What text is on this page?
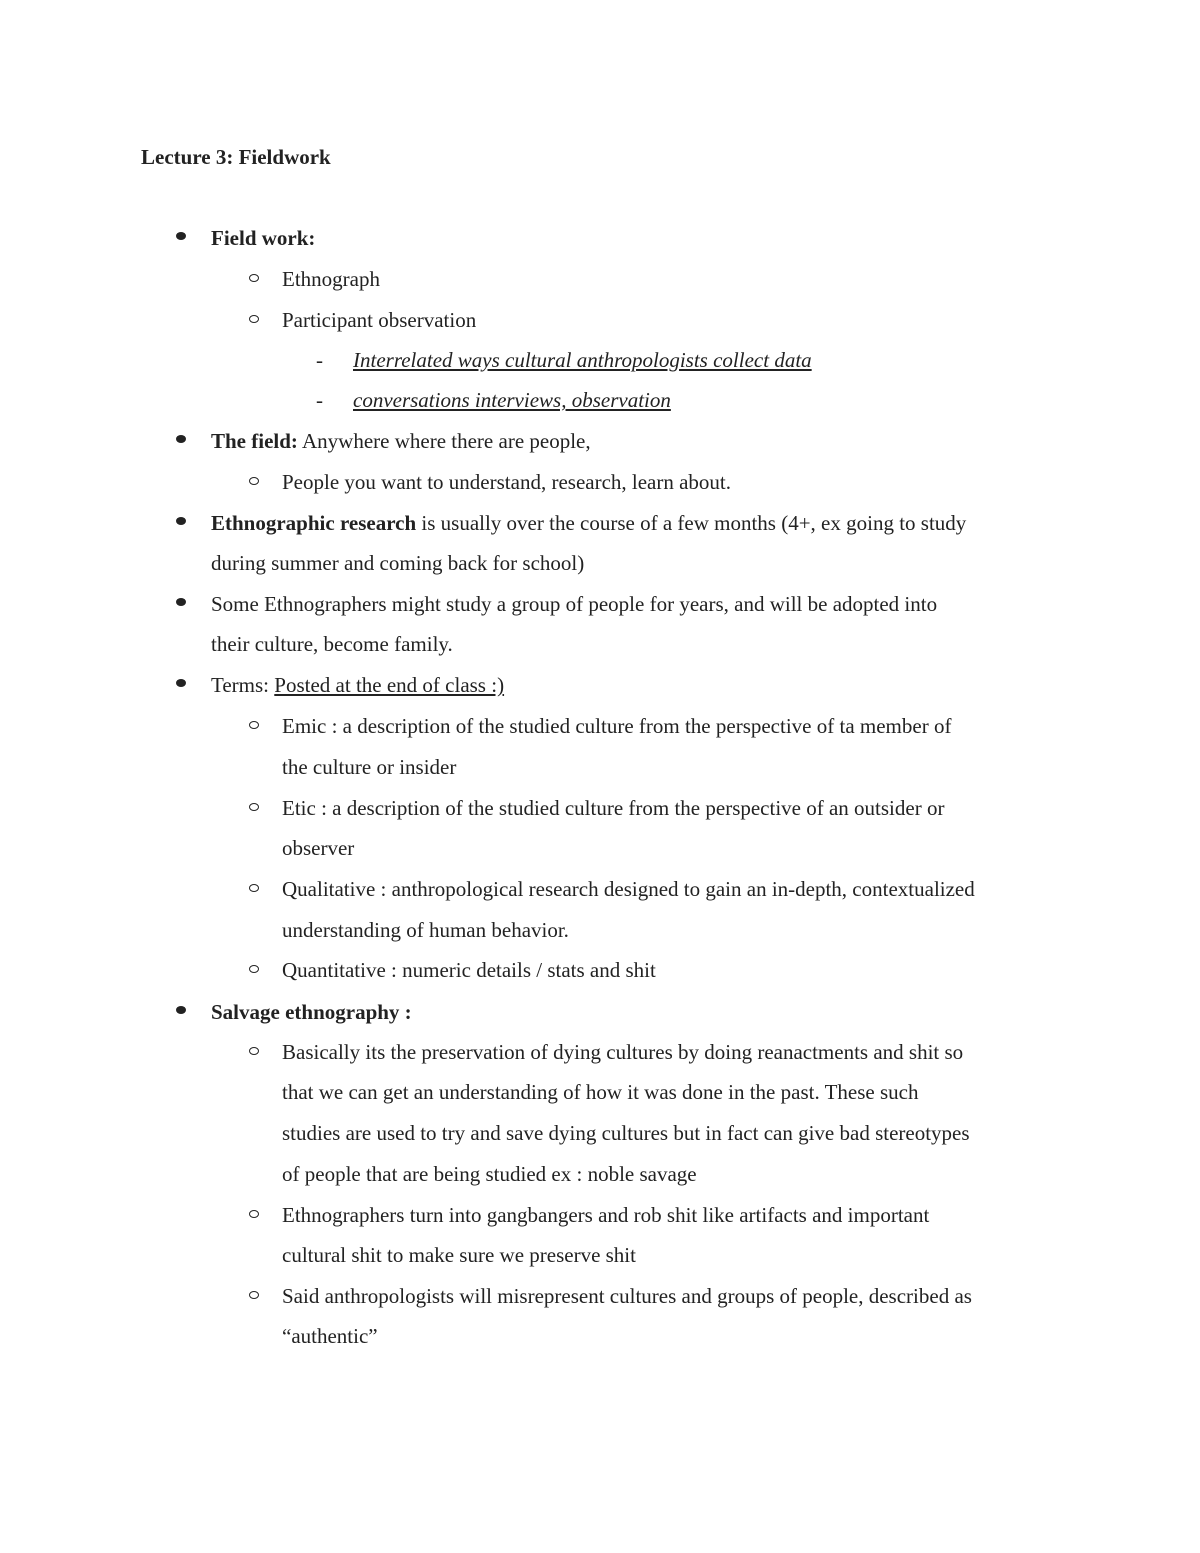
Lecture 3: Fieldwork
Field work:
Ethnograph
Participant observation
- Interrelated ways cultural anthropologists collect data
- conversations interviews, observation
The field: Anywhere where there are people,
People you want to understand, research, learn about.
Ethnographic research is usually over the course of a few months (4+, ex going to study
during summer and coming back for school)
Some Ethnographers might study a group of people for years, and will be adopted into
their culture, become family.
Terms: Posted at the end of class :)
Emic : a description of the studied culture from the perspective of ta member of
the culture or insider
Etic : a description of the studied culture from the perspective of an outsider or
observer
Qualitative : anthropological research designed to gain an in-depth, contextualized
understanding of human behavior.
Quantitative : numeric details / stats and shit
Salvage ethnography :
Basically its the preservation of dying cultures by doing reanactments and shit so
that we can get an understanding of how it was done in the past. These such
studies are used to try and save dying cultures but in fact can give bad stereotypes
of people that are being studied ex : noble savage
Ethnographers turn into gangbangers and rob shit like artifacts and important
cultural shit to make sure we preserve shit
Said anthropologists will misrepresent cultures and groups of people, described as
“authentic”
